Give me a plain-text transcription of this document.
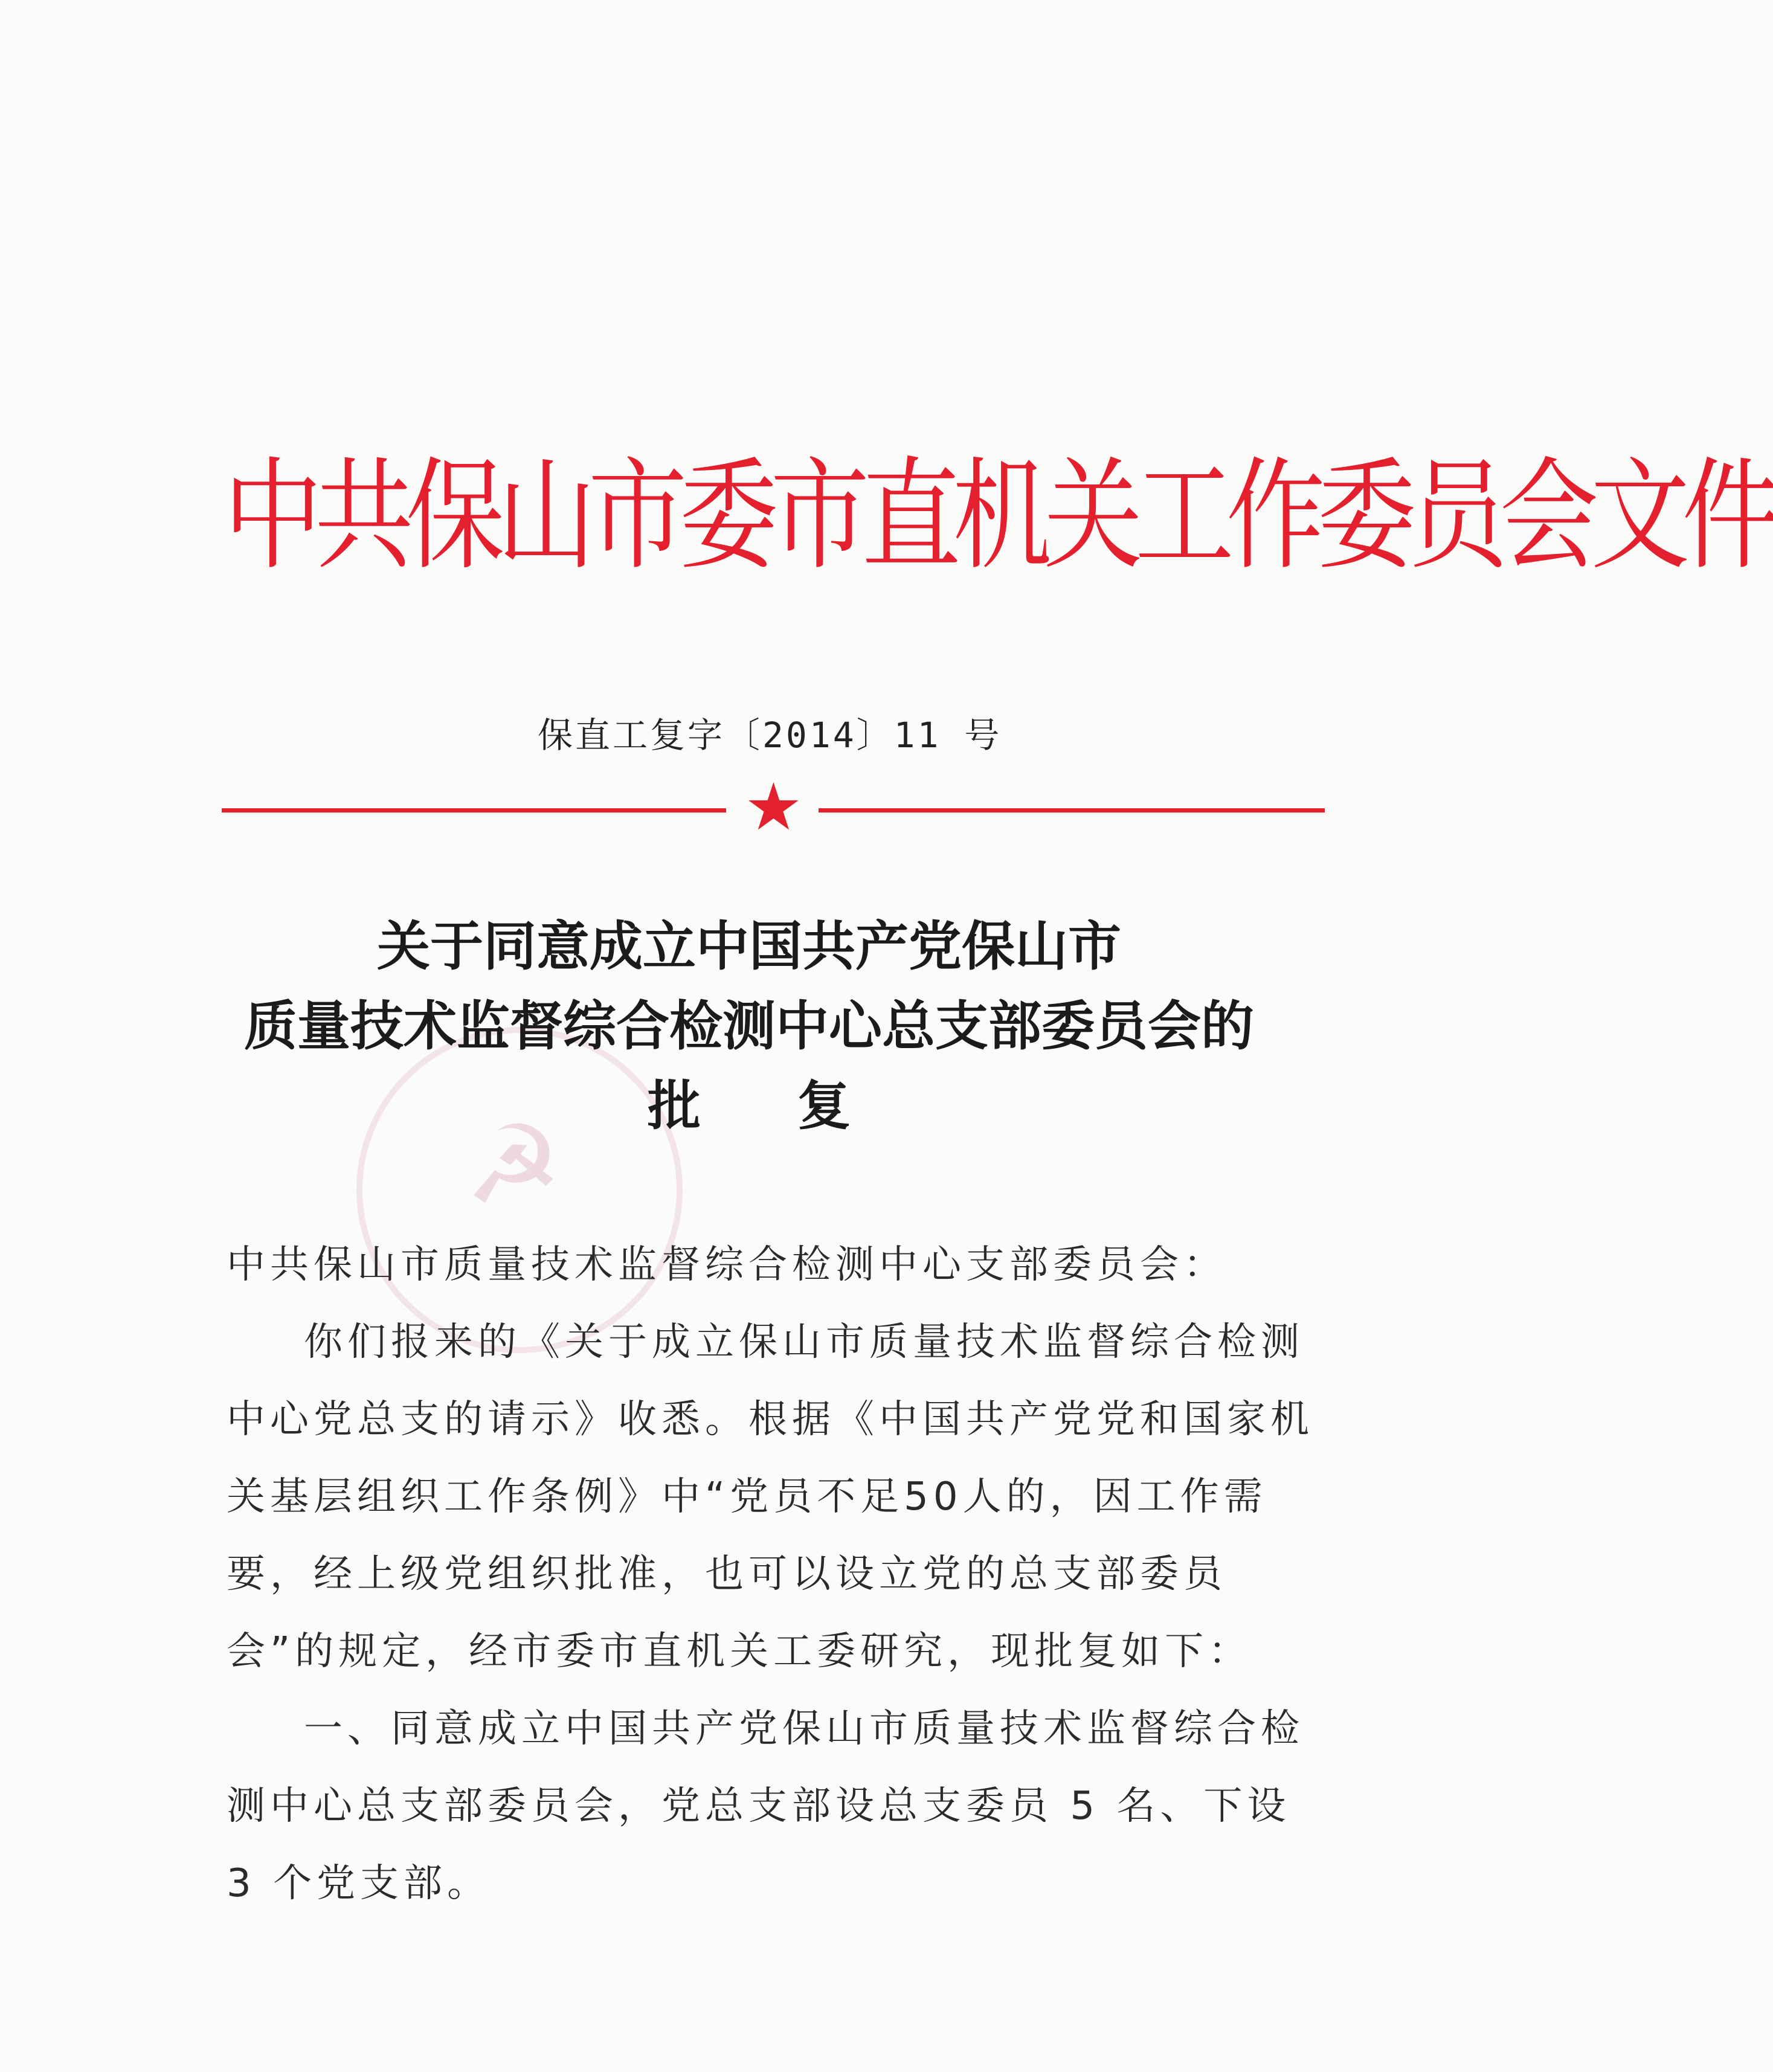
☭
中共保山市委市直机关工作委员会文件
保直工复字〔2014〕11 号
★
关于同意成立中国共产党保山市
质量技术监督综合检测中心总支部委员会的
批复

中共保山市质量技术监督综合检测中心支部委员会：

你们报来的《关于成立保山市质量技术监督综合检测中心党总支的请示》收悉。根据《中国共产党党和国家机关基层组织工作条例》中“党员不足50人的，因工作需要，经上级党组织批准，也可以设立党的总支部委员会”的规定，经市委市直机关工委研究，现批复如下：

一、同意成立中国共产党保山市质量技术监督综合检测中心总支部委员会，党总支部设总支委员 5 名、下设 3 个党支部。
